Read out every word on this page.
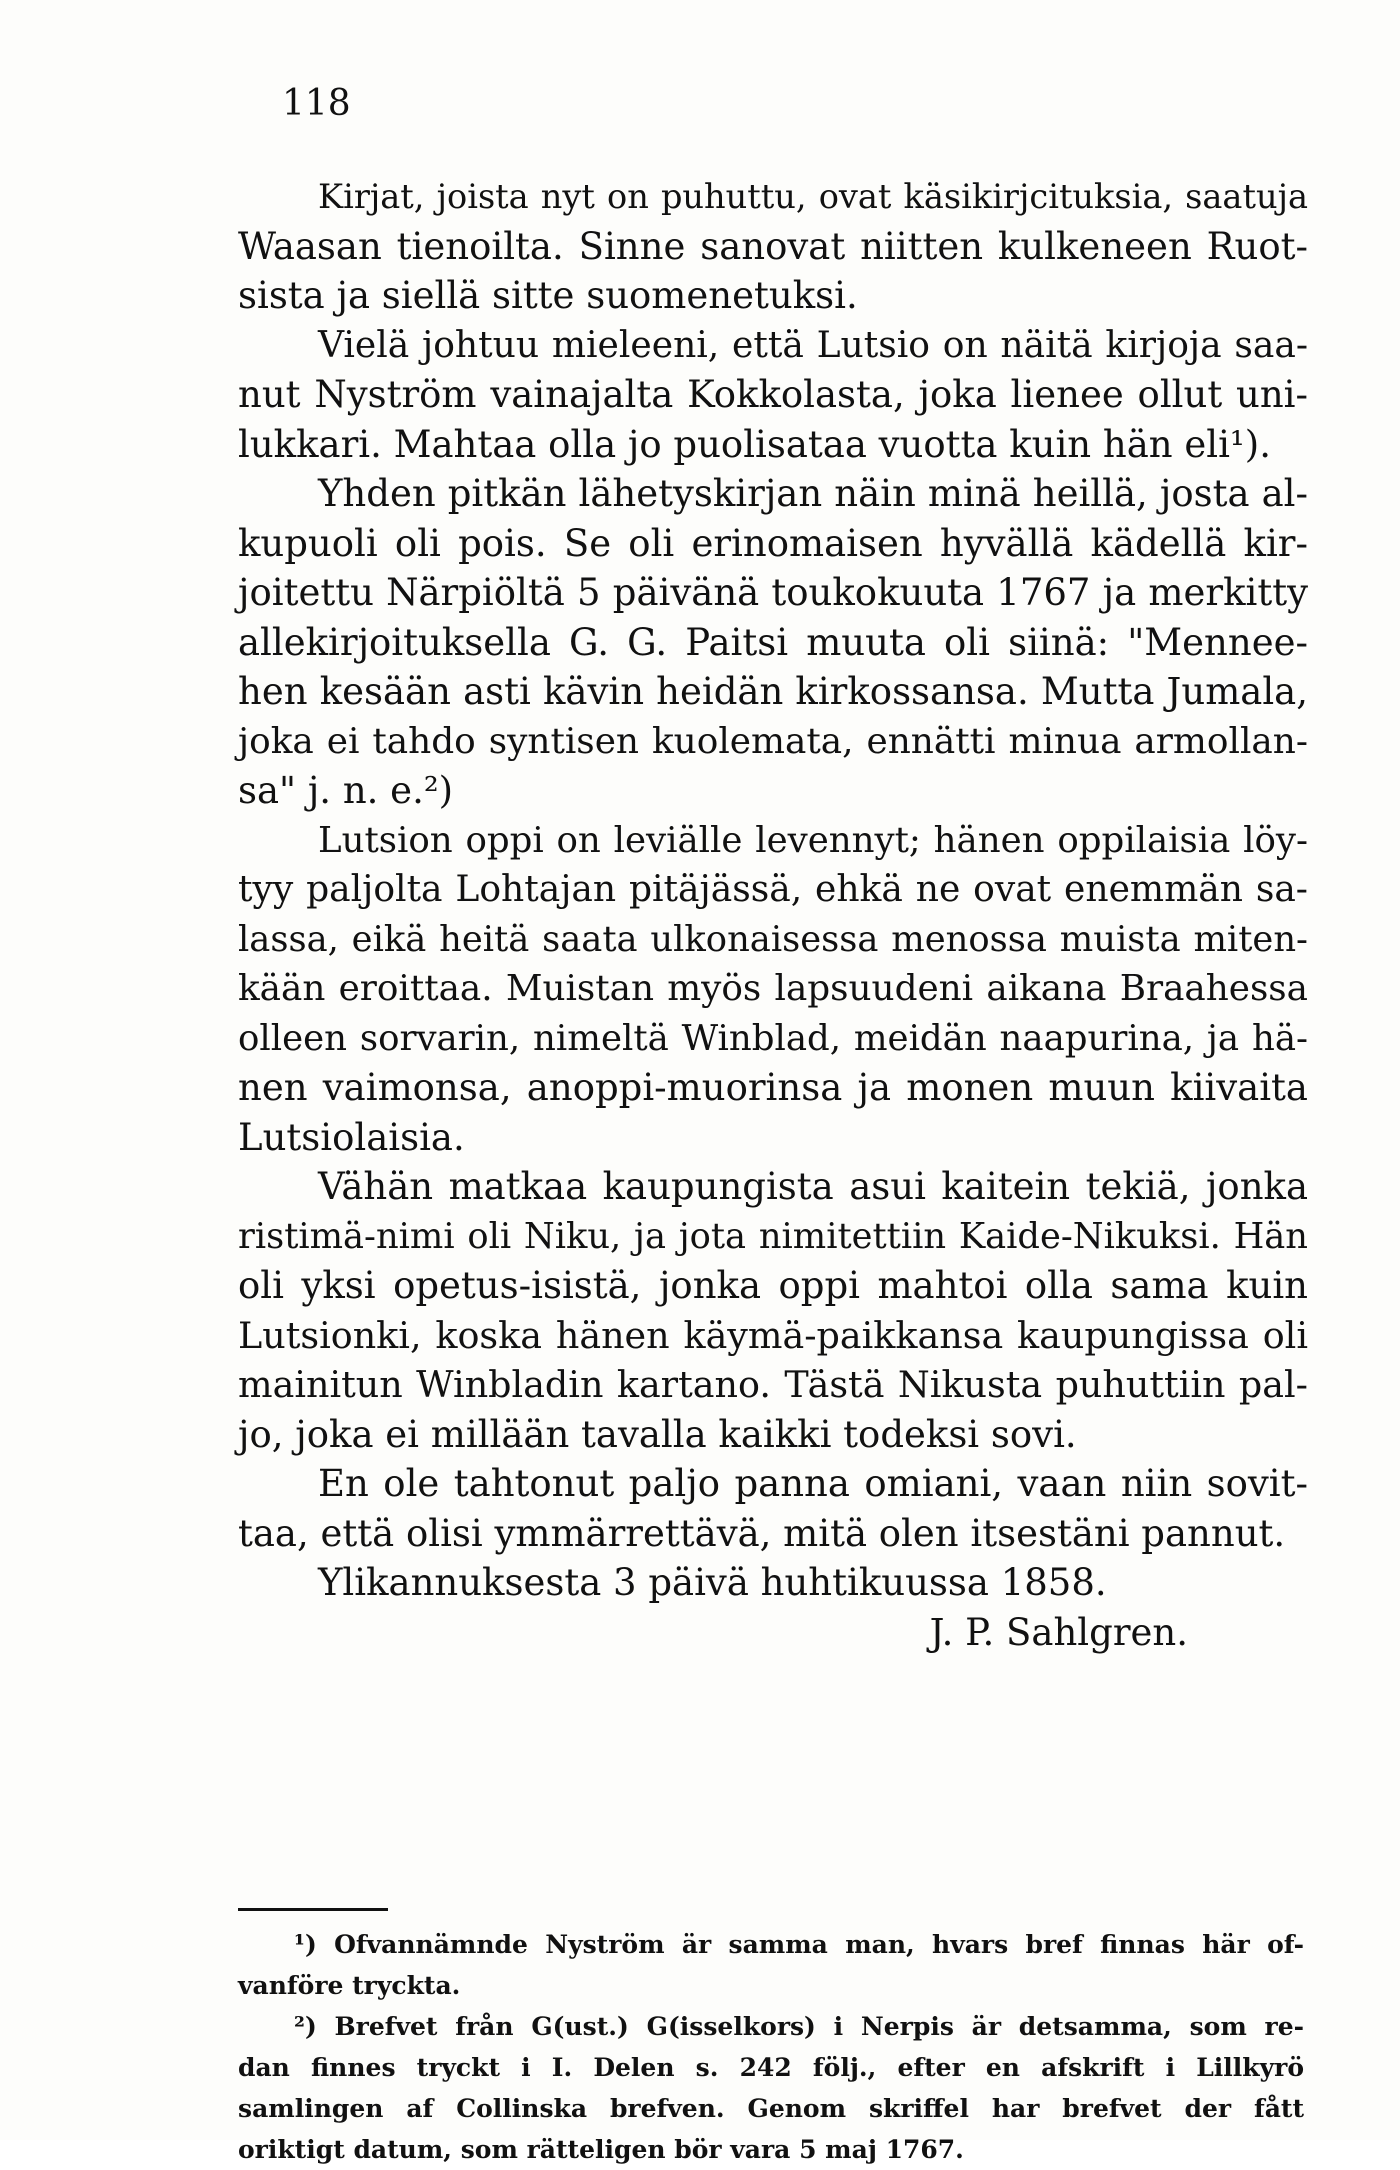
118
Kirjat, joista nyt on puhuttu, ovat käsikirjcituksia, saatuja
Waasan tienoilta. Sinne sanovat niitten kulkeneen Ruot-
sista ja siellä sitte suomenetuksi.
Vielä johtuu mieleeni, että Lutsio on näitä kirjoja saa-
nut Nyström vainajalta Kokkolasta, joka lienee ollut uni-
lukkari. Mahtaa olla jo puolisataa vuotta kuin hän eli¹).
Yhden pitkän lähetyskirjan näin minä heillä, josta al-
kupuoli oli pois. Se oli erinomaisen hyvällä kädellä kir-
joitettu Närpiöltä 5 päivänä toukokuuta 1767 ja merkitty
allekirjoituksella G. G. Paitsi muuta oli siinä: "Mennee-
hen kesään asti kävin heidän kirkossansa. Mutta Jumala,
joka ei tahdo syntisen kuolemata, ennätti minua armollan-
sa" j. n. e.²)
Lutsion oppi on leviälle levennyt; hänen oppilaisia löy-
tyy paljolta Lohtajan pitäjässä, ehkä ne ovat enemmän sa-
lassa, eikä heitä saata ulkonaisessa menossa muista miten-
kään eroittaa. Muistan myös lapsuudeni aikana Braahessa
olleen sorvarin, nimeltä Winblad, meidän naapurina, ja hä-
nen vaimonsa, anoppi-muorinsa ja monen muun kiivaita
Lutsiolaisia.
Vähän matkaa kaupungista asui kaitein tekiä, jonka
ristimä-nimi oli Niku, ja jota nimitettiin Kaide-Nikuksi. Hän
oli yksi opetus-isistä, jonka oppi mahtoi olla sama kuin
Lutsionki, koska hänen käymä-paikkansa kaupungissa oli
mainitun Winbladin kartano. Tästä Nikusta puhuttiin pal-
jo, joka ei millään tavalla kaikki todeksi sovi.
En ole tahtonut paljo panna omiani, vaan niin sovit-
taa, että olisi ymmärrettävä, mitä olen itsestäni pannut.
Ylikannuksesta 3 päivä huhtikuussa 1858.
J. P. Sahlgren.
¹) Ofvannämnde Nyström är samma man, hvars bref finnas här of-
vanföre tryckta.
²) Brefvet från G(ust.) G(isselkors) i Nerpis är detsamma, som re-
dan finnes tryckt i I. Delen s. 242 följ., efter en afskrift i Lillkyrö
samlingen af Collinska brefven. Genom skriffel har brefvet der fått
oriktigt datum, som rätteligen bör vara 5 maj 1767.
